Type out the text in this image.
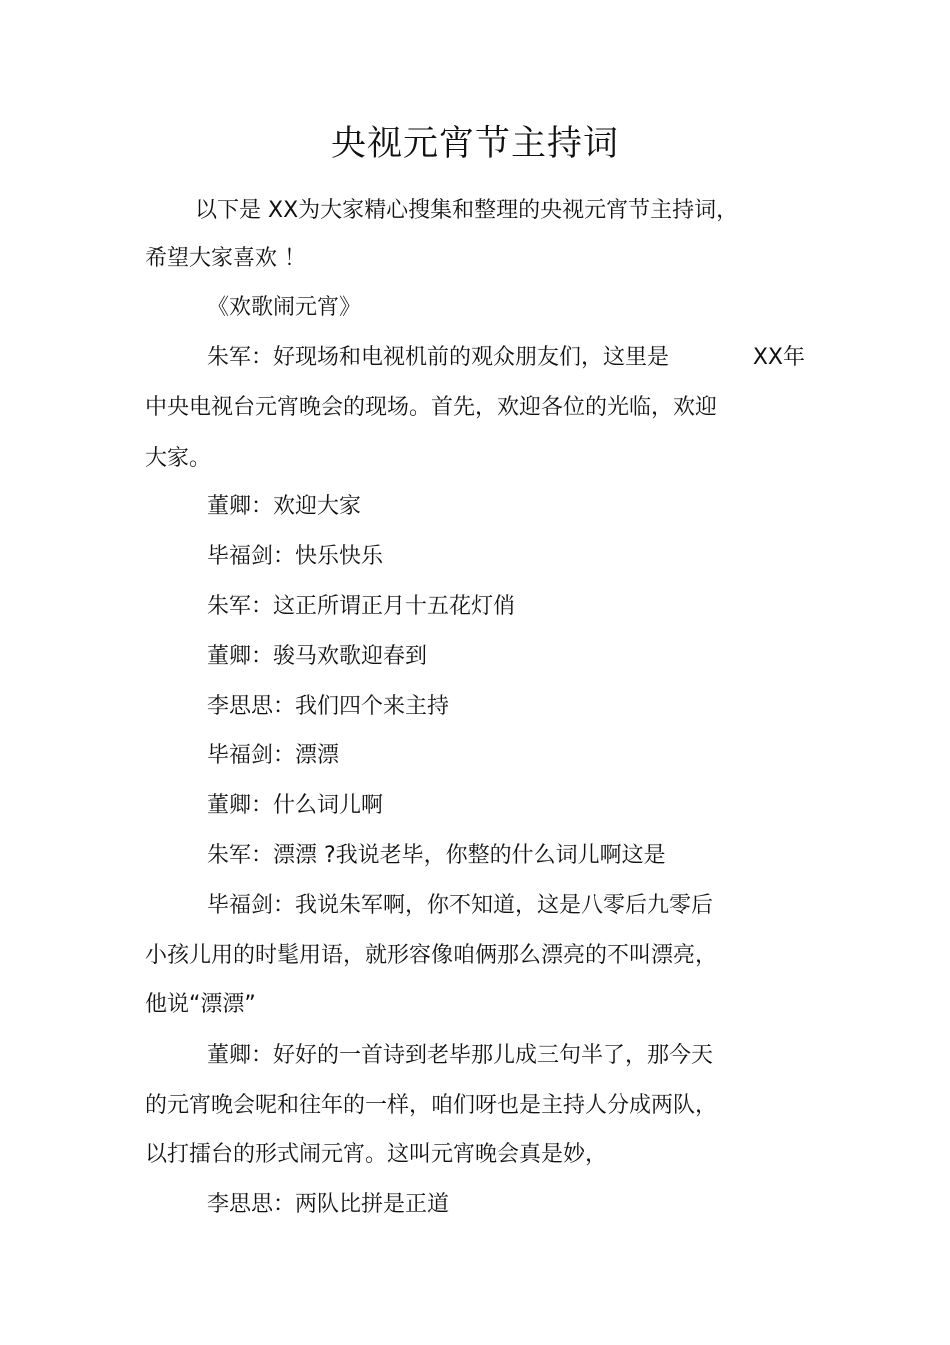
央视元宵节主持词
以下是 XX为大家精心搜集和整理的央视元宵节主持词，
希望大家喜欢 ！
《欢歌闹元宵》
朱军：好现场和电视机前的观众朋友们，这里是	XX年
中央电视台元宵晚会的现场。首先，欢迎各位的光临，欢迎
大家。
董卿：欢迎大家
毕福剑：快乐快乐
朱军：这正所谓正月十五花灯俏
董卿：骏马欢歌迎春到
李思思：我们四个来主持
毕福剑：漂漂
董卿：什么词儿啊
朱军：漂漂 ?我说老毕，你整的什么词儿啊这是
毕福剑：我说朱军啊，你不知道，这是八零后九零后
小孩儿用的时髦用语，就形容像咱俩那么漂亮的不叫漂亮，
他说“漂漂”
董卿：好好的一首诗到老毕那儿成三句半了，那今天
的元宵晚会呢和往年的一样，咱们呀也是主持人分成两队，
以打擂台的形式闹元宵。这叫元宵晚会真是妙，
李思思：两队比拼是正道
